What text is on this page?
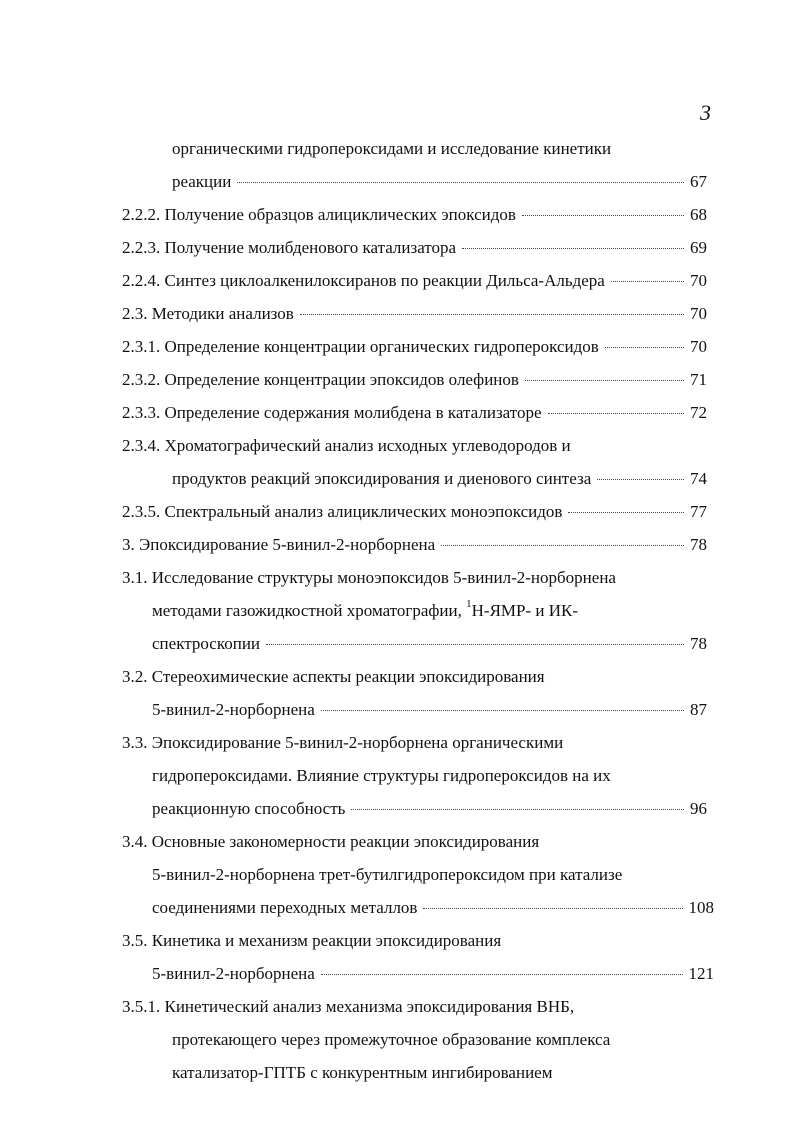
3
органическими гидропероксидами и исследование кинетики
реакции	67
2.2.2. Получение образцов алициклических эпоксидов	68
2.2.3. Получение молибденового катализатора	69
2.2.4. Синтез циклоалкенилоксиранов по реакции Дильса-Альдера	70
2.3. Методики анализов	70
2.3.1. Определение концентрации органических гидропероксидов	70
2.3.2. Определение концентрации эпоксидов олефинов	71
2.3.3. Определение содержания молибдена в катализаторе	72
2.3.4. Хроматографический анализ исходных углеводородов и
продуктов реакций эпоксидирования и диенового синтеза	74
2.3.5. Спектральный анализ алициклических моноэпоксидов	77
3. Эпоксидирование 5-винил-2-норборнена	78
3.1. Исследование структуры моноэпоксидов 5-винил-2-норборнена
методами газожидкостной хроматографии, $^1$Н-ЯМР- и ИК-
спектроскопии	78
3.2. Стереохимические аспекты реакции эпоксидирования
5-винил-2-норборнена	87
3.3. Эпоксидирование 5-винил-2-норборнена органическими
гидропероксидами. Влияние структуры гидропероксидов на их
реакционную способность	96
3.4. Основные закономерности реакции эпоксидирования
5-винил-2-норборнена трет-бутилгидропероксидом при катализе
соединениями переходных металлов	108
3.5. Кинетика и механизм реакции эпоксидирования
5-винил-2-норборнена	121
3.5.1. Кинетический анализ механизма эпоксидирования ВНБ,
протекающего через промежуточное образование комплекса
катализатор-ГПТБ с конкурентным ингибированием
